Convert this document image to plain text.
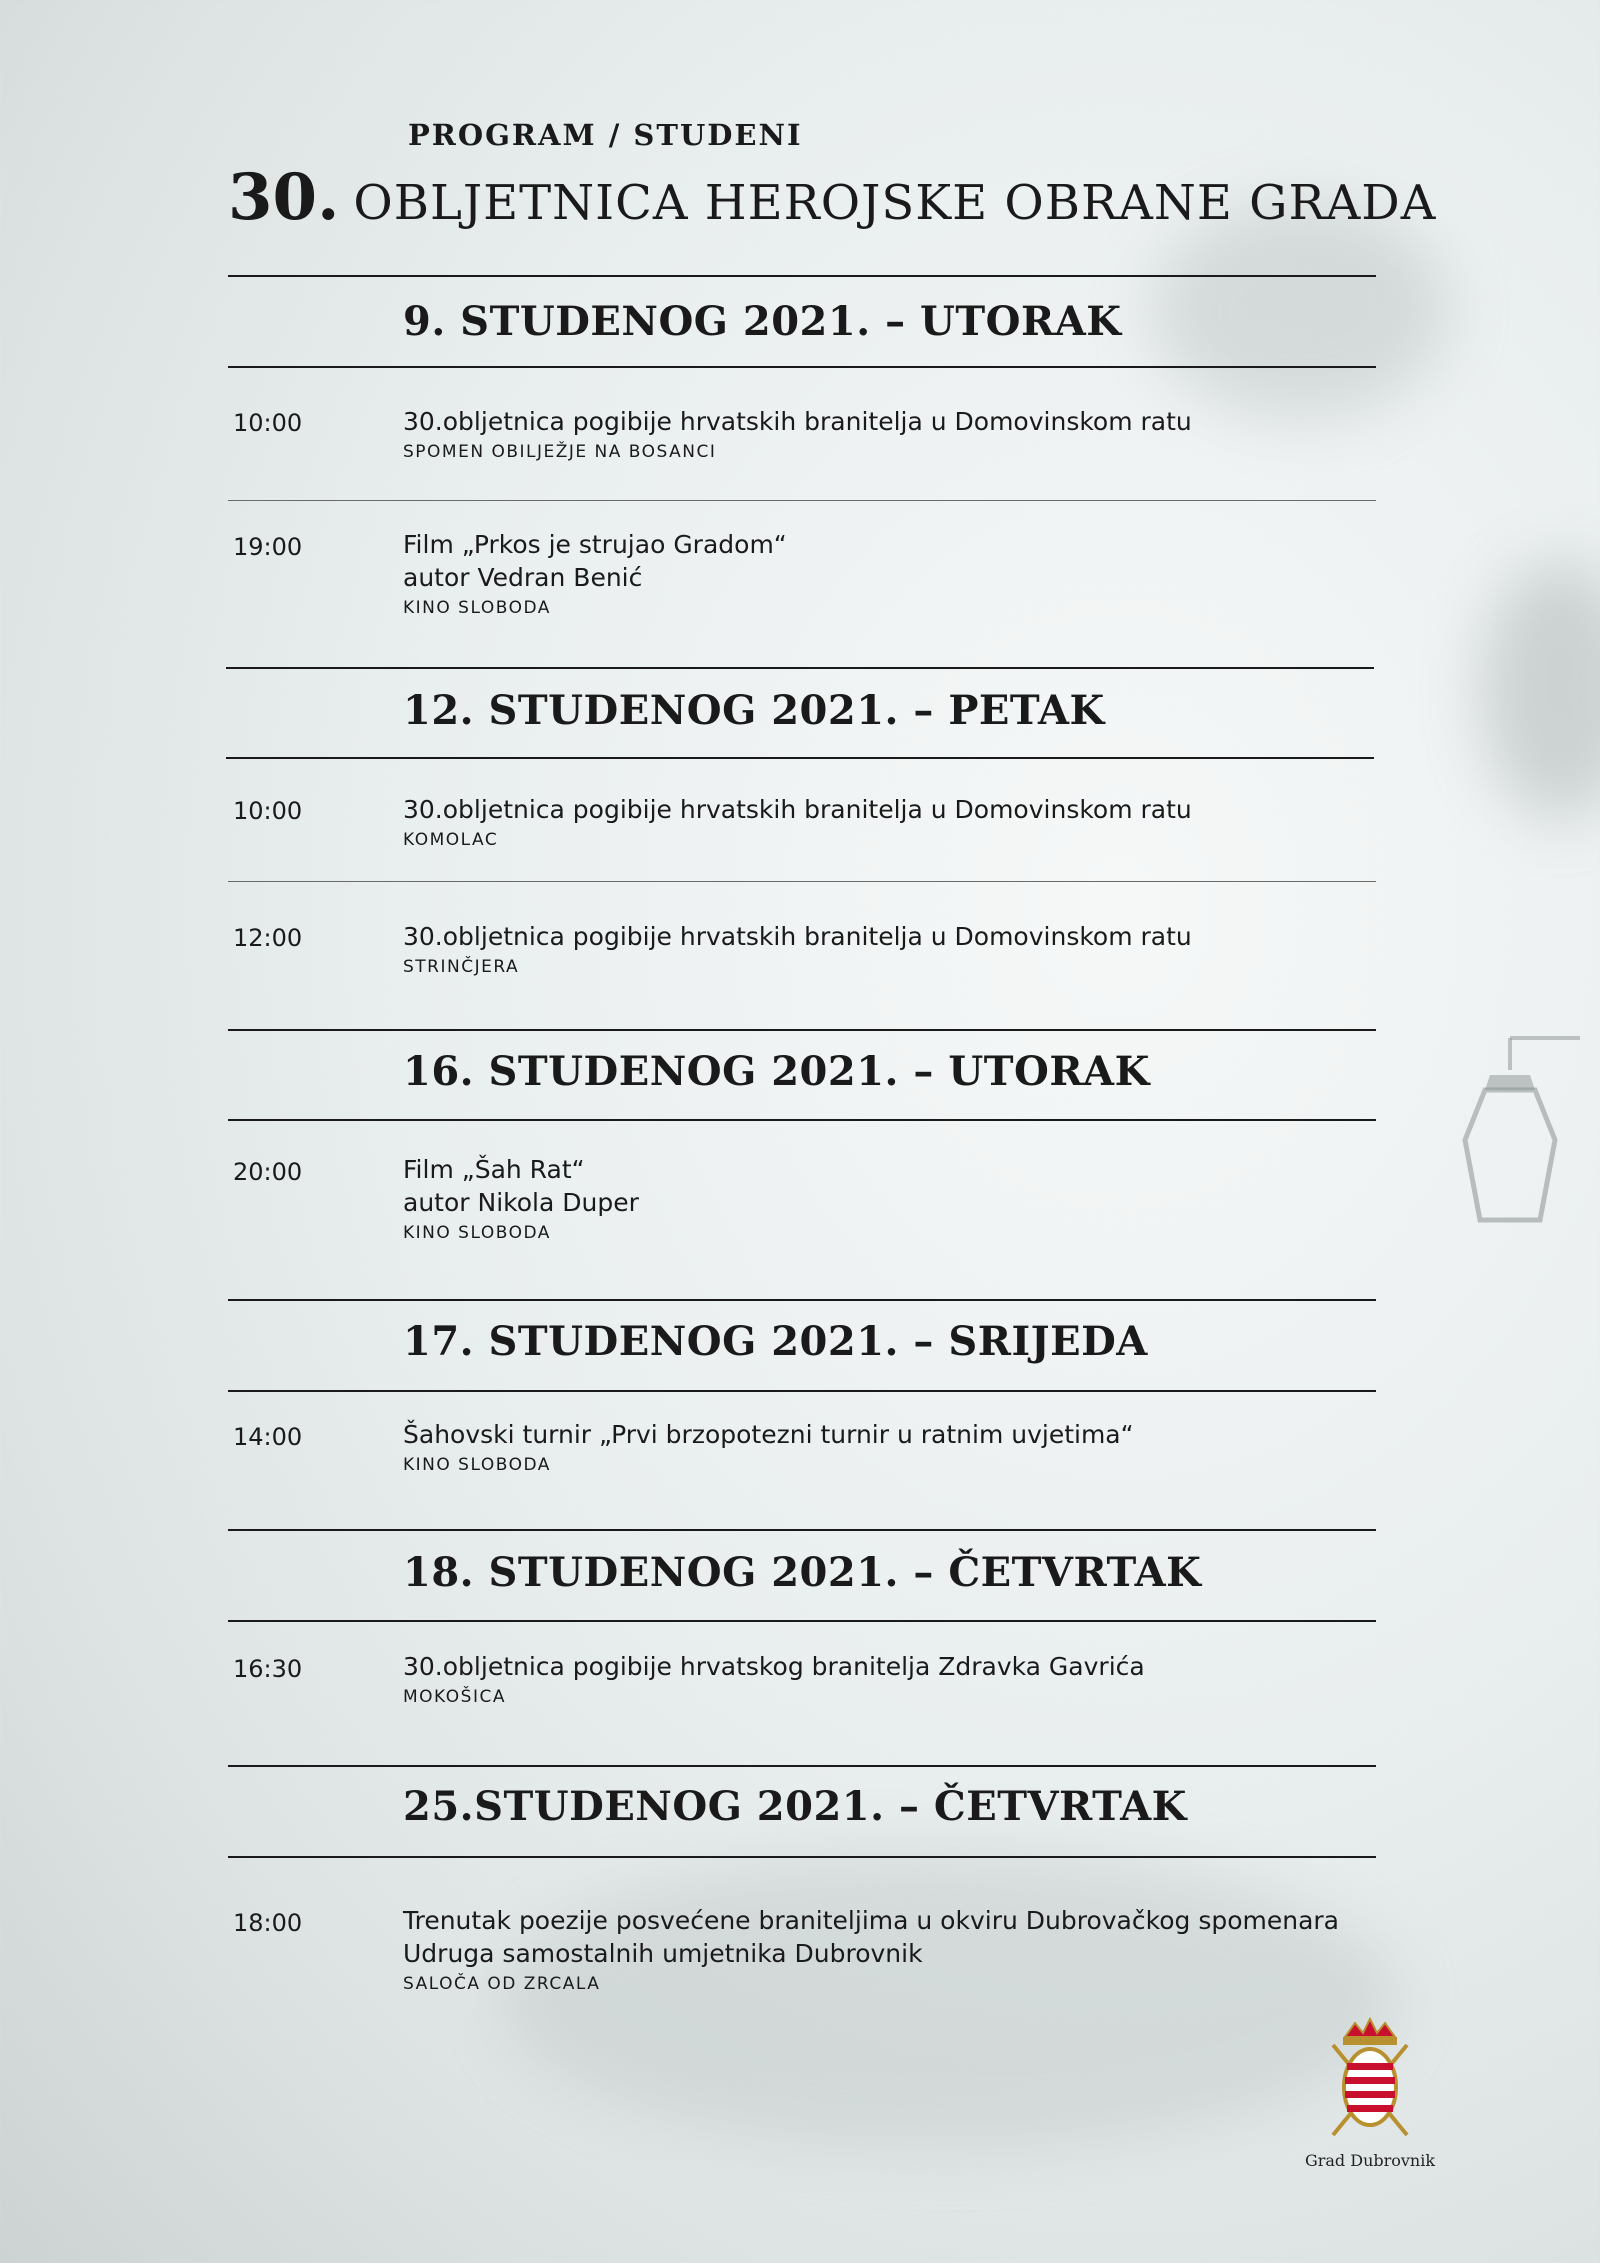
PROGRAM / STUDENI
30. OBLJETNICA HEROJSKE OBRANE GRADA
9. STUDENOG 2021. – UTORAK
10:00	30.obljetnica pogibije hrvatskih branitelja u Domovinskom ratu
SPOMEN OBILJEŽJE NA BOSANCI
19:00	Film „Prkos je strujao Gradom“
autor Vedran Benić
KINO SLOBODA
12. STUDENOG 2021. – PETAK
10:00	30.obljetnica pogibije hrvatskih branitelja u Domovinskom ratu
KOMOLAC
12:00	30.obljetnica pogibije hrvatskih branitelja u Domovinskom ratu
STRINČJERA
16. STUDENOG 2021. – UTORAK
20:00	Film „Šah Rat“
autor Nikola Duper
KINO SLOBODA
17. STUDENOG 2021. – SRIJEDA
14:00	Šahovski turnir „Prvi brzopotezni turnir u ratnim uvjetima“
KINO SLOBODA
18. STUDENOG 2021. – ČETVRTAK
16:30	30.obljetnica pogibije hrvatskog branitelja Zdravka Gavrića
MOKOŠICA
25.STUDENOG 2021. – ČETVRTAK
18:00	Trenutak poezije posvećene braniteljima u okviru Dubrovačkog spomenara
Udruga samostalnih umjetnika Dubrovnik
SALOČA OD ZRCALA
Grad Dubrovnik
